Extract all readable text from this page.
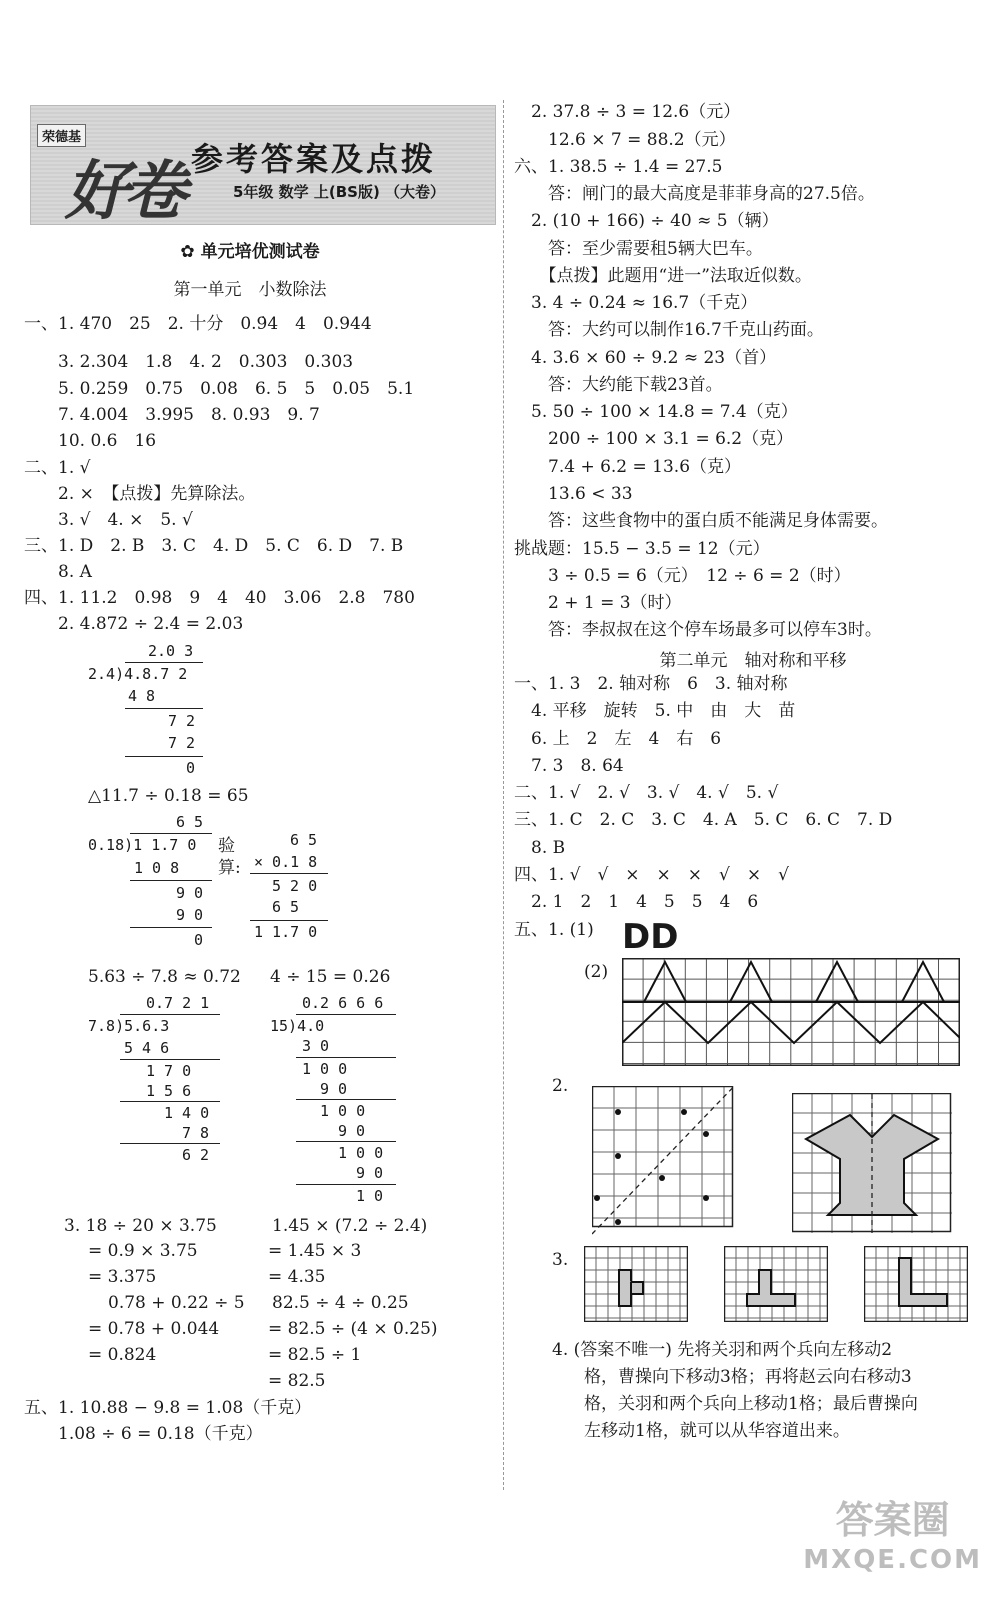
荣德基
好卷 参考答案及点拨
5年级 数学 上(BS版) （大卷）
✿ 单元培优测试卷
第一单元　小数除法
一、1. 470　25　2. 十分　0.9̇4　4　0.944
　　3. 2.304　1.8　4. 2　0.30̇3　0.303
　　5. 0.259　0.75　0.08　6. 5　5　0.05　5.1
　　7. 4.004　3.995　8. 0.93　9. 7
　　10. 0.6　16
二、1. √
　　2. ×　【点拨】先算除法。
　　3. √　4. ×　5. √
三、1. D　2. B　3. C　4. D　5. C　6. D　7. B
　　8. A
四、1. 11.2　0.98　9　4　40　3.06　2.8　780
　　2. 4.872 ÷ 2.4 = 2.03
2.0 3
2.4)4.8.7 2
4 8
7 2
7 2
0
△11.7 ÷ 0.18 = 65
6 5
0.18)1 1.7 0
1 0 8
9 0
9 0
0
验
算:
6 5
× 0.1 8
5 2 0
6 5
1 1.7 0
5.63 ÷ 7.8 ≈ 0.72
0.7 2 1
7.8)5.6.3
5 4 6
1 7 0
1 5 6
1 4 0
7 8
6 2
4 ÷ 15 = 0.26̇
0.2 6 6 6
15)4.0
3 0
1 0 0
9 0
1 0 0
9 0
1 0 0
9 0
1 0
3. 18 ÷ 20 × 3.75
= 0.9 × 3.75
= 3.375
0.78 + 0.22 ÷ 5
= 0.78 + 0.044
= 0.824
1.45 × (7.2 ÷ 2.4)
= 1.45 × 3
= 4.35
82.5 ÷ 4 ÷ 0.25
= 82.5 ÷ (4 × 0.25)
= 82.5 ÷ 1
= 82.5
五、1. 10.88 − 9.8 = 1.08（千克）
　　1.08 ÷ 6 = 0.18（千克）
　2. 37.8 ÷ 3 = 12.6（元）
　　12.6 × 7 = 88.2（元）
六、1. 38.5 ÷ 1.4 = 27.5
　　答：闸门的最大高度是菲菲身高的27.5倍。
　2. (10 + 166) ÷ 40 ≈ 5（辆）
　　答：至少需要租5辆大巴车。
　　【点拨】此题用“进一”法取近似数。
　3. 4 ÷ 0.24 ≈ 16.7（千克）
　　答：大约可以制作16.7千克山药面。
　4. 3.6 × 60 ÷ 9.2 ≈ 23（首）
　　答：大约能下载23首。
　5. 50 ÷ 100 × 14.8 = 7.4（克）
　　200 ÷ 100 × 3.1 = 6.2（克）
　　7.4 + 6.2 = 13.6（克）
　　13.6 < 33
　　答：这些食物中的蛋白质不能满足身体需要。
挑战题：15.5 − 3.5 = 12（元）
　　3 ÷ 0.5 = 6（元）　12 ÷ 6 = 2（时）
　　2 + 1 = 3（时）
　　答：李叔叔在这个停车场最多可以停车3时。
第二单元　轴对称和平移
一、1. 3　2. 轴对称　6　3. 轴对称
　4. 平移　旋转　5. 中　由　大　苗
　6. 上　2　左　4　右　6
　7. 3　8. 64
二、1. √　2. √　3. √　4. √　5. √
三、1. C　2. C　3. C　4. A　5. C　6. C　7. D
　8. B
四、1. √　√　×　×　×　√　×　√
　2. 1　2　1　4　5　5　4　6
五、1. (1) DD
(2)
2.
3.
4. (答案不唯一) 先将关羽和两个兵向左移动2
格，曹操向下移动3格；再将赵云向右移动3
格，关羽和两个兵向上移动1格；最后曹操向
左移动1格，就可以从华容道出来。
答案圈
MXQE.COM
